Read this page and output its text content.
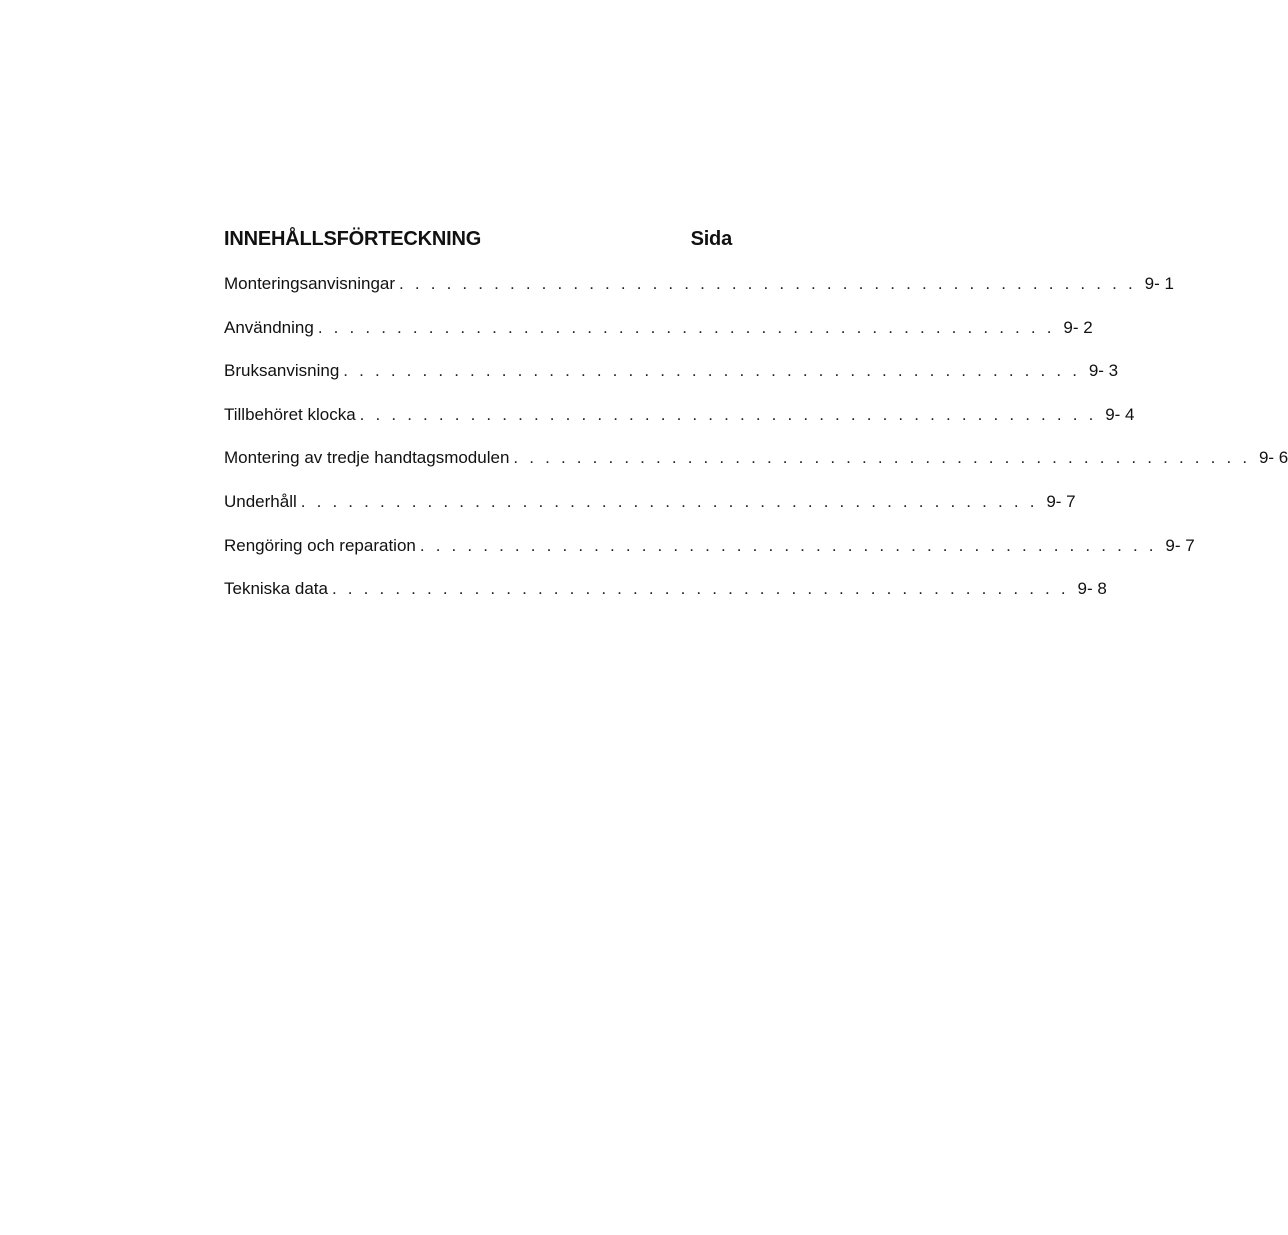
INNEHÅLLSFÖRTECKNING	Sida
Monteringsanvisningar . . . . . . . . . . . . . . . . . . . . . . . . . . . . . . . . . . . . . . . . . . . . . . . 9- 1
Användning . . . . . . . . . . . . . . . . . . . . . . . . . . . . . . . . . . . . . . . . . . . . . . . 9- 2
Bruksanvisning . . . . . . . . . . . . . . . . . . . . . . . . . . . . . . . . . . . . . . . . . . . . . . . 9- 3
Tillbehöret klocka . . . . . . . . . . . . . . . . . . . . . . . . . . . . . . . . . . . . . . . . . . . . . . . 9- 4
Montering av tredje handtagsmodulen . . . . . . . . . . . . . . . . . . . . . . . . . . . . . . . . . . . . . . . . . . . . . . . 9- 6
Underhåll . . . . . . . . . . . . . . . . . . . . . . . . . . . . . . . . . . . . . . . . . . . . . . . 9- 7
Rengöring och reparation . . . . . . . . . . . . . . . . . . . . . . . . . . . . . . . . . . . . . . . . . . . . . . . 9- 7
Tekniska data . . . . . . . . . . . . . . . . . . . . . . . . . . . . . . . . . . . . . . . . . . . . . . . 9- 8
